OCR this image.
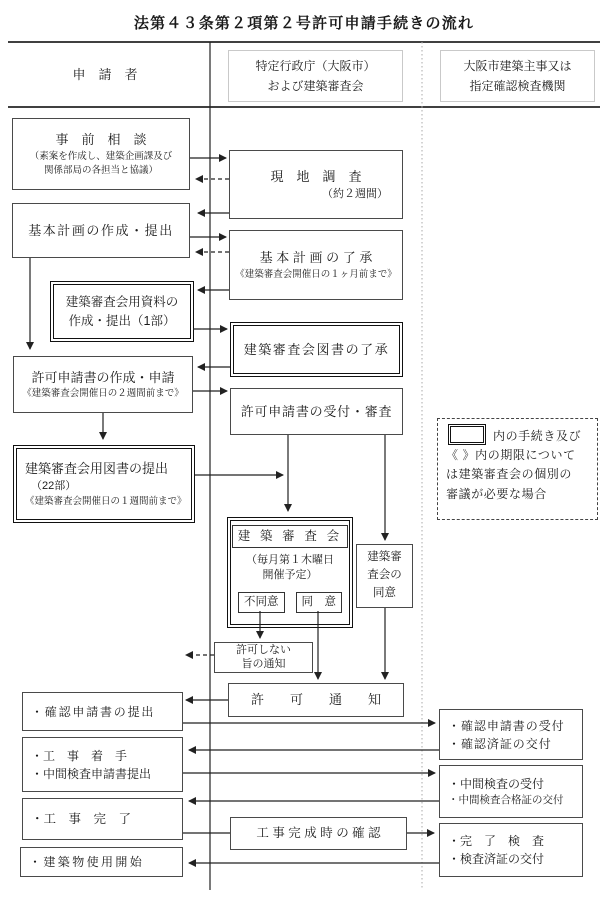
法第４３条第２項第２号許可申請手続きの流れ
申　請　者
特定行政庁（大阪市）
および建築審査会
大阪市建築主事又は
指定確認検査機関
事　前　相　談
（素案を作成し、建築企画課及び
関係部局の各担当と協議）
基本計画の作成・提出
建築審査会用資料の
作成・提出（1部）
許可申請書の作成・申請
《建築審査会開催日の２週間前まで》
建築審査会用図書の提出
（22部）
《建築審査会開催日の１週間前まで》
・確認申請書の提出
・工　事　着　手
・中間検査申請書提出
・工　事　完　了
・建築物使用開始
現　地　調　査
（約２週間）
基 本 計 画 の 了 承
《建築審査会開催日の１ヶ月前まで》
建築審査会図書の了承
許可申請書の受付・審査
建 築 審 査 会
（毎月第１木曜日
開催予定）
不同意	同　意
許可しない
旨の通知
許　　可　　通　　知
工 事 完 成 時 の 確 認
建築審
査会の
同意
内の手続き及び
《 》内の期限について
は建築審査会の個別の
審議が必要な場合
・確認申請書の受付
・確認済証の交付
・中間検査の受付
・中間検査合格証の交付
・完　了　検　査
・検査済証の交付
